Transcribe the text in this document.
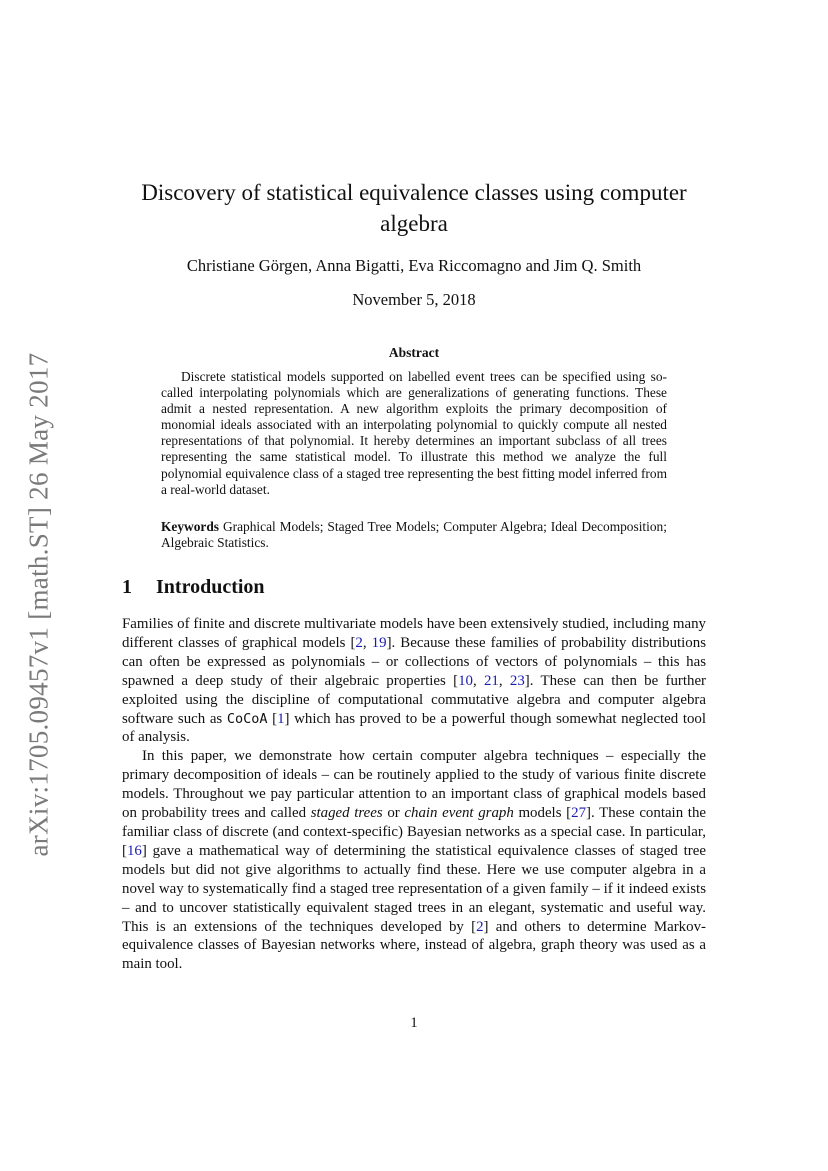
arXiv:1705.09457v1 [math.ST] 26 May 2017
Discovery of statistical equivalence classes using computer algebra
Christiane Görgen, Anna Bigatti, Eva Riccomagno and Jim Q. Smith
November 5, 2018
Abstract

Discrete statistical models supported on labelled event trees can be specified using so-called interpolating polynomials which are generalizations of generating functions. These admit a nested representation. A new algorithm exploits the primary decomposition of monomial ideals associated with an interpolating polynomial to quickly compute all nested representations of that polynomial. It hereby determines an important subclass of all trees representing the same statistical model. To illustrate this method we analyze the full polynomial equivalence class of a staged tree representing the best fitting model inferred from a real-world dataset.

Keywords Graphical Models; Staged Tree Models; Computer Algebra; Ideal Decomposition; Algebraic Statistics.

1 Introduction

Families of finite and discrete multivariate models have been extensively studied, including many different classes of graphical models [2, 19]. Because these families of probability distributions can often be expressed as polynomials – or collections of vectors of polynomials – this has spawned a deep study of their algebraic properties [10, 21, 23]. These can then be further exploited using the discipline of computational commutative algebra and computer algebra software such as CoCoA [1] which has proved to be a powerful though somewhat neglected tool of analysis.

In this paper, we demonstrate how certain computer algebra techniques – especially the primary decomposition of ideals – can be routinely applied to the study of various finite discrete models. Throughout we pay particular attention to an important class of graphical models based on probability trees and called staged trees or chain event graph models [27]. These contain the familiar class of discrete (and context-specific) Bayesian networks as a special case. In particular, [16] gave a mathematical way of determining the statistical equivalence classes of staged tree models but did not give algorithms to actually find these. Here we use computer algebra in a novel way to systematically find a staged tree representation of a given family – if it indeed exists – and to uncover statistically equivalent staged trees in an elegant, systematic and useful way. This is an extensions of the techniques developed by [2] and others to determine Markov-equivalence classes of Bayesian networks where, instead of algebra, graph theory was used as a main tool.

1
